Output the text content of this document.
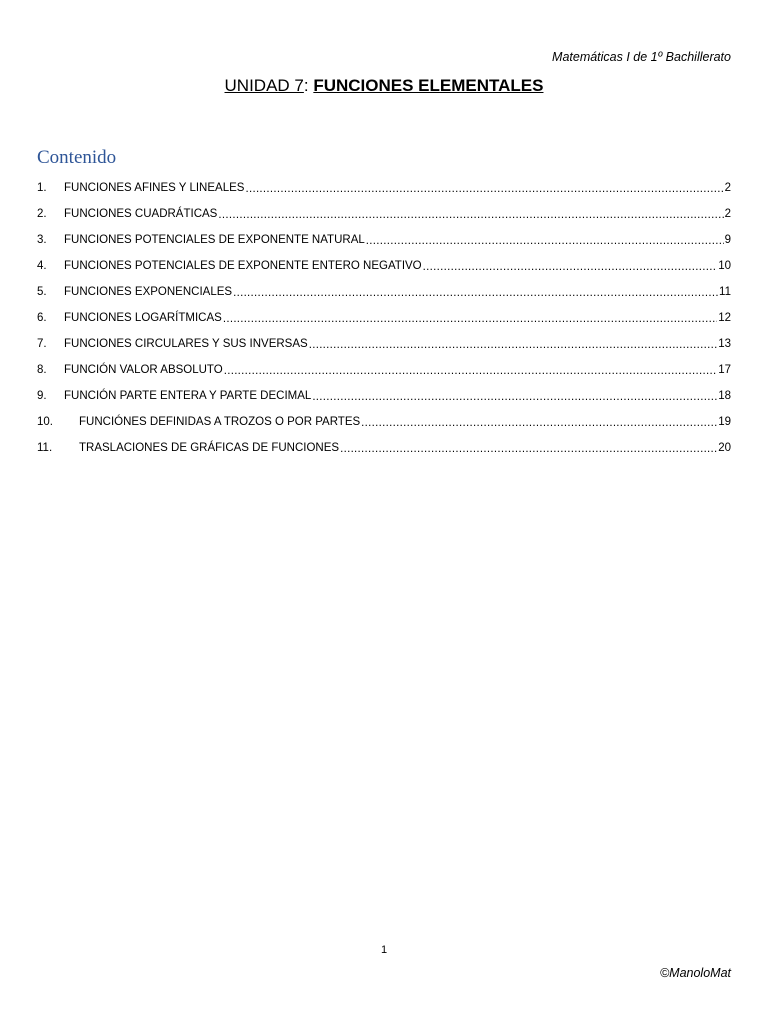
Matemáticas I de 1º Bachillerato
UNIDAD 7: FUNCIONES ELEMENTALES
Contenido
1.	FUNCIONES AFINES Y LINEALES .....	2
2.	FUNCIONES CUADRÁTICAS .....	2
3.	FUNCIONES POTENCIALES DE EXPONENTE NATURAL .....	9
4.	FUNCIONES POTENCIALES DE EXPONENTE ENTERO NEGATIVO .....	10
5.	FUNCIONES EXPONENCIALES .....	11
6.	FUNCIONES LOGARÍTMICAS .....	12
7.	FUNCIONES CIRCULARES Y SUS INVERSAS .....	13
8.	FUNCIÓN VALOR ABSOLUTO .....	17
9.	FUNCIÓN PARTE ENTERA Y PARTE DECIMAL .....	18
10.	FUNCIÓNES DEFINIDAS A TROZOS O POR PARTES .....	19
11.	TRASLACIONES DE GRÁFICAS DE FUNCIONES .....	20
1
©ManoloMat
